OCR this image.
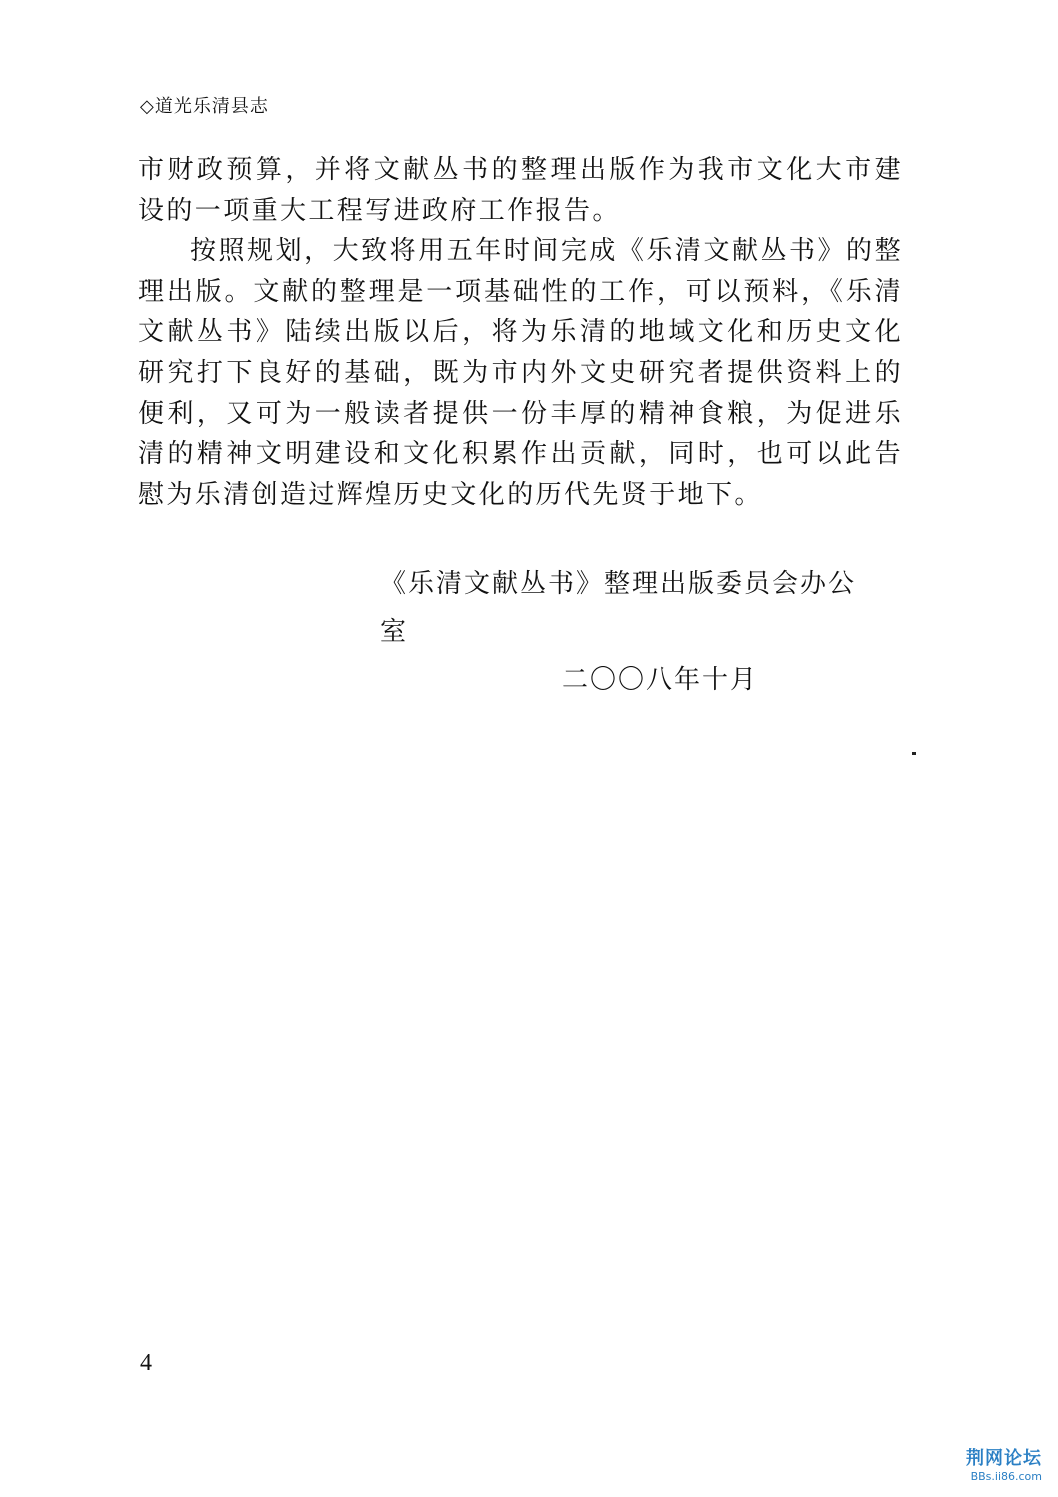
◇道光乐清县志

市财政预算，并将文献丛书的整理出版作为我市文化大市建设的一项重大工程写进政府工作报告。

按照规划，大致将用五年时间完成《乐清文献丛书》的整理出版。文献的整理是一项基础性的工作，可以预料，《乐清文献丛书》陆续出版以后，将为乐清的地域文化和历史文化研究打下良好的基础，既为市内外文史研究者提供资料上的便利，又可为一般读者提供一份丰厚的精神食粮，为促进乐清的精神文明建设和文化积累作出贡献，同时，也可以此告慰为乐清创造过辉煌历史文化的历代先贤于地下。

《乐清文献丛书》整理出版委员会办公室
二〇〇八年十月
4
荆网论坛
BBs.ii86.com
